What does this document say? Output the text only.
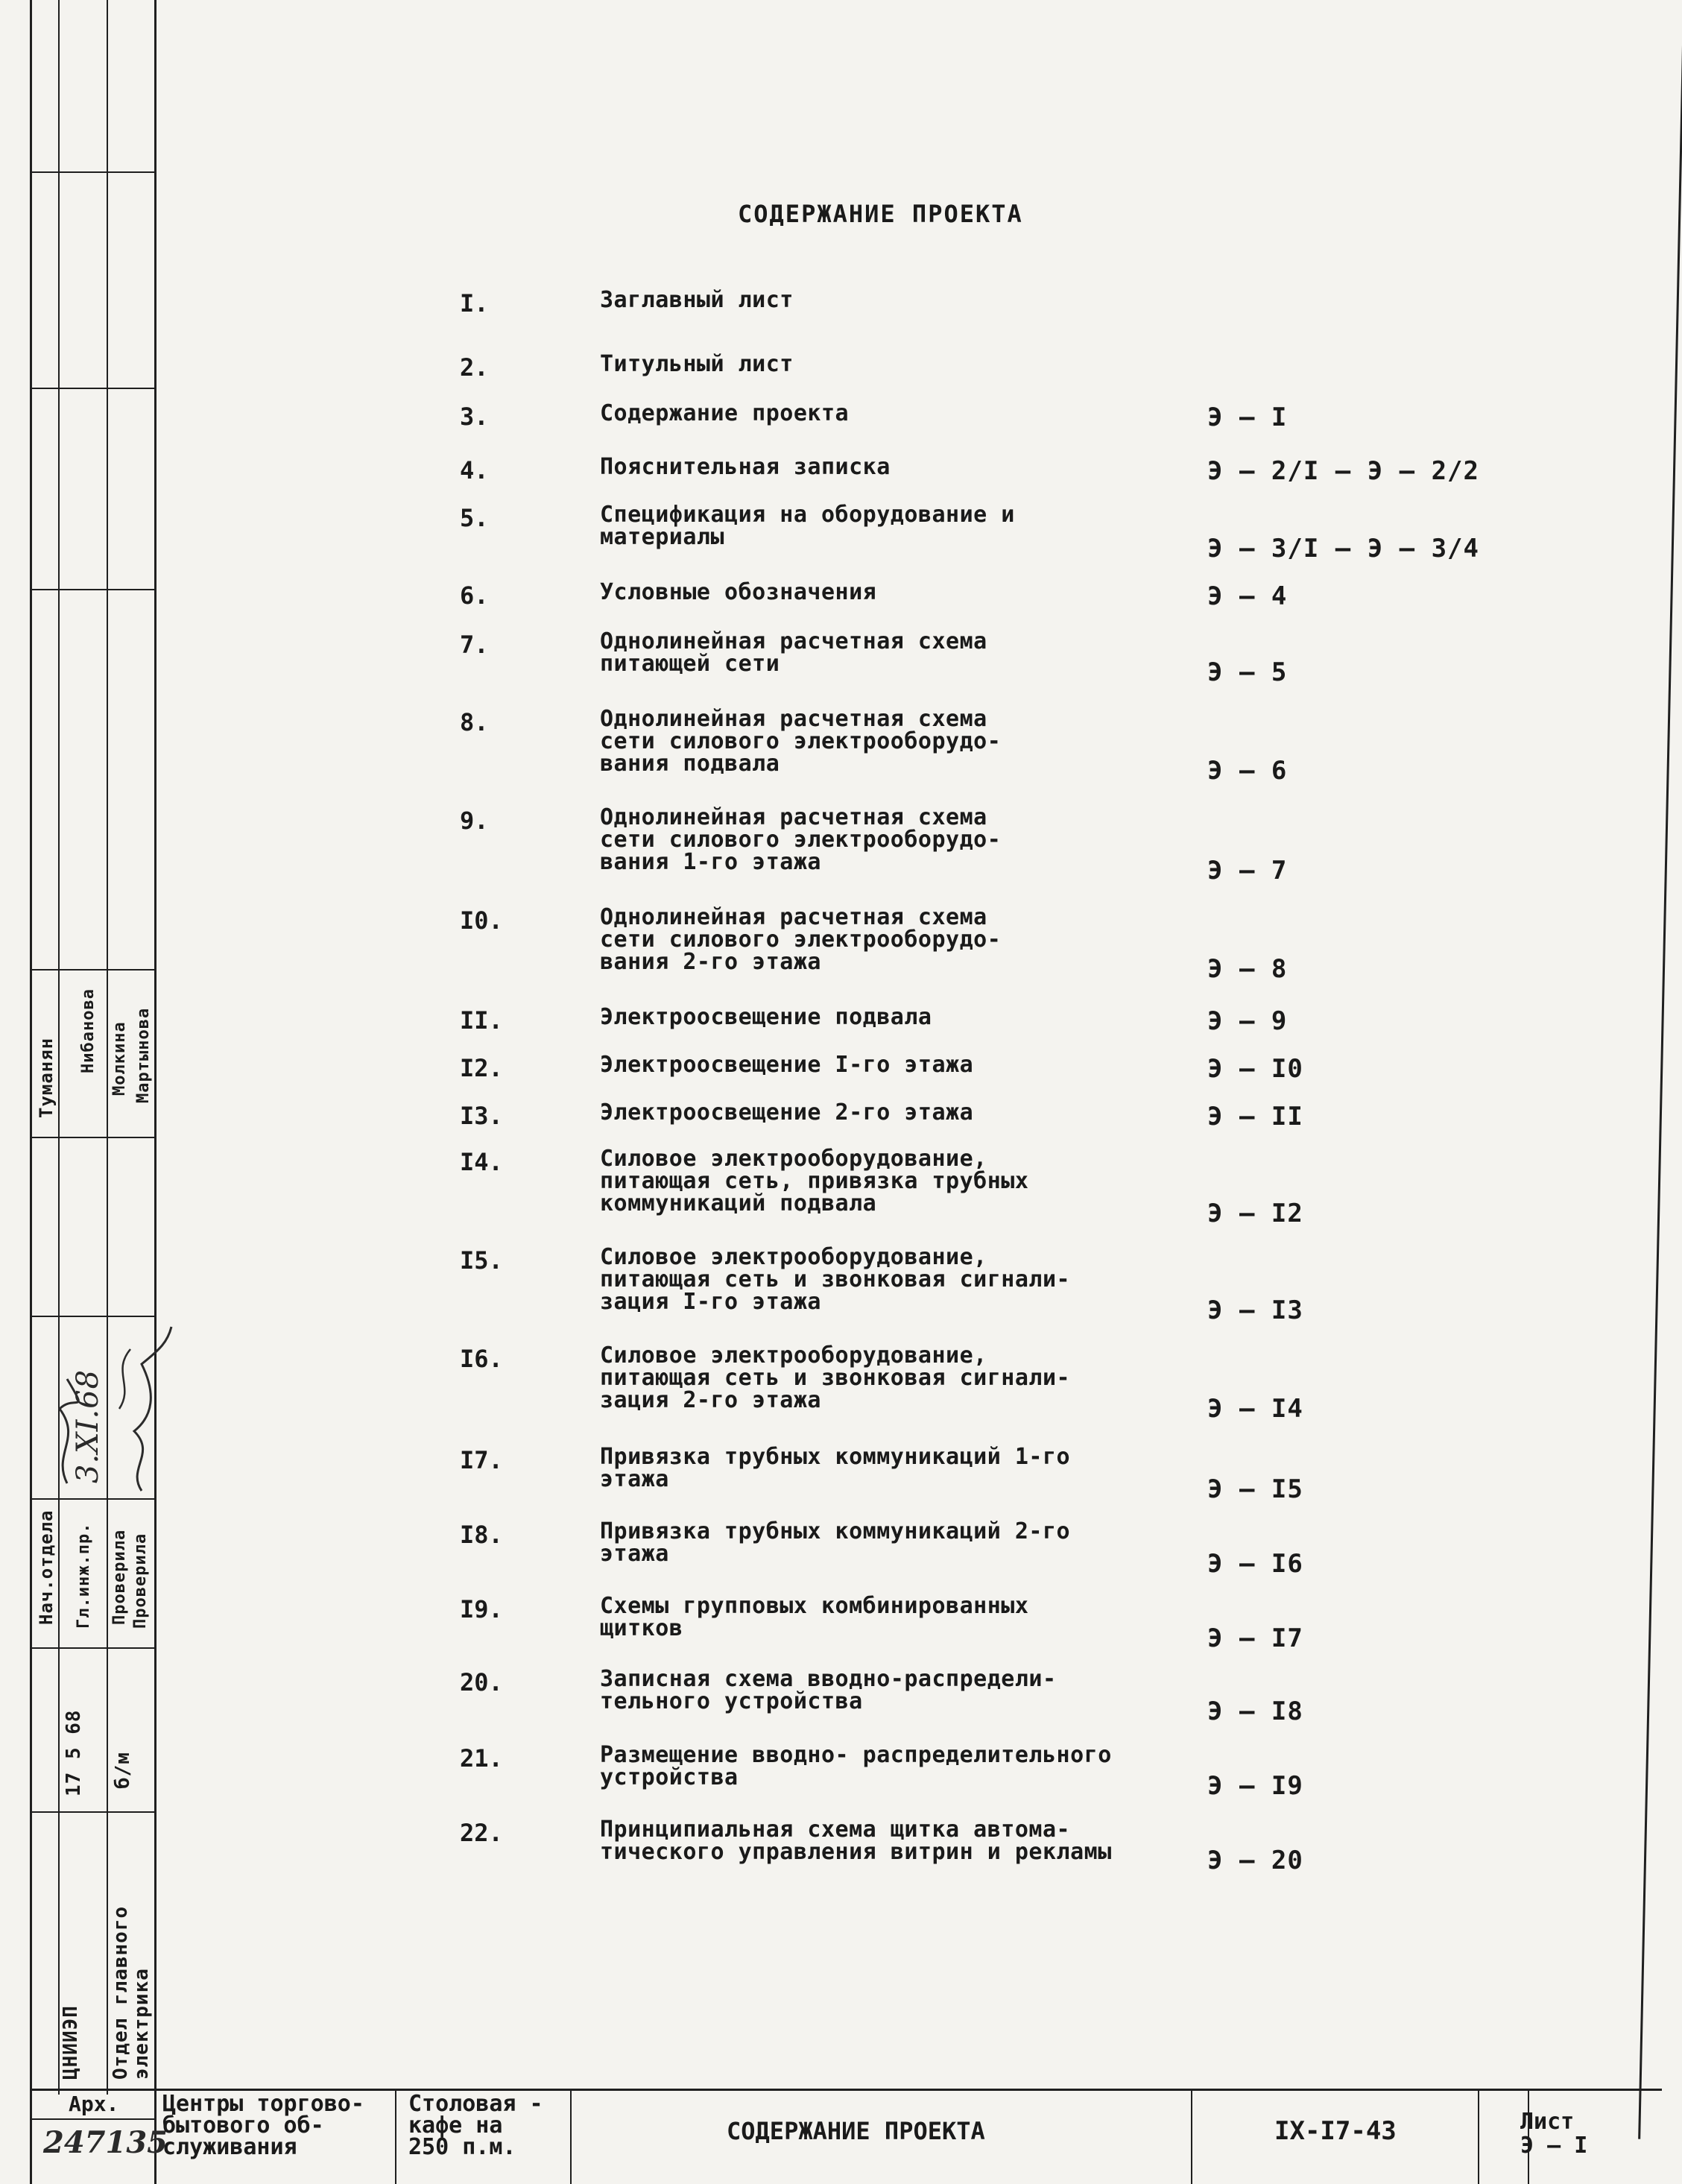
ЦНИИЭП Отдел главного
электрика
17 5 68 б/м
Нач.отдела Гл.инж.пр. Проверила Проверила
Туманян
Нибанова Молкина Мартынова
3.XI.68
СОДЕРЖАНИЕ ПРОЕКТА
I.	Заглавный лист
2.	Титульный лист
3.	Содержание проекта	Э – I
4.	Пояснительная записка	Э – 2/I – Э – 2/2
5.	Спецификация на оборудование и
материалы	Э – 3/I – Э – 3/4
6.	Условные обозначения	Э – 4
7.	Однолинейная расчетная схема
питающей сети	Э – 5
8.	Однолинейная расчетная схема
сети силового электрооборудо-
вания подвала	Э – 6
9.	Однолинейная расчетная схема
сети силового электрооборудо-
вания 1-го этажа	Э – 7
I0.	Однолинейная расчетная схема
сети силового электрооборудо-
вания 2-го этажа	Э – 8
II.	Электроосвещение подвала	Э – 9
I2.	Электроосвещение I-го этажа	Э – I0
I3.	Электроосвещение 2-го этажа	Э – II
I4.	Силовое электрооборудование,
питающая сеть, привязка трубных
коммуникаций подвала	Э – I2
I5.	Силовое электрооборудование,
питающая сеть и звонковая сигнали-
зация I-го этажа	Э – I3
I6.	Силовое электрооборудование,
питающая сеть и звонковая сигнали-
зация 2-го этажа	Э – I4
I7.	Привязка трубных коммуникаций 1-го
этажа	Э – I5
I8.	Привязка трубных коммуникаций 2-го
этажа	Э – I6
I9.	Схемы групповых комбинированных
щитков	Э – I7
20.	Записная схема вводно-распредели-
тельного устройства	Э – I8
21.	Размещение вводно- распределительного
устройства	Э – I9
22.	Принципиальная схема щитка автома-
тического управления витрин и рекламы	Э – 20
Арх.
247135
Центры торгово-
бытового об-
служивания
Столовая -
кафе на
250 п.м.
СОДЕРЖАНИЕ ПРОЕКТА	IХ-I7-43	Лист
Э – I
